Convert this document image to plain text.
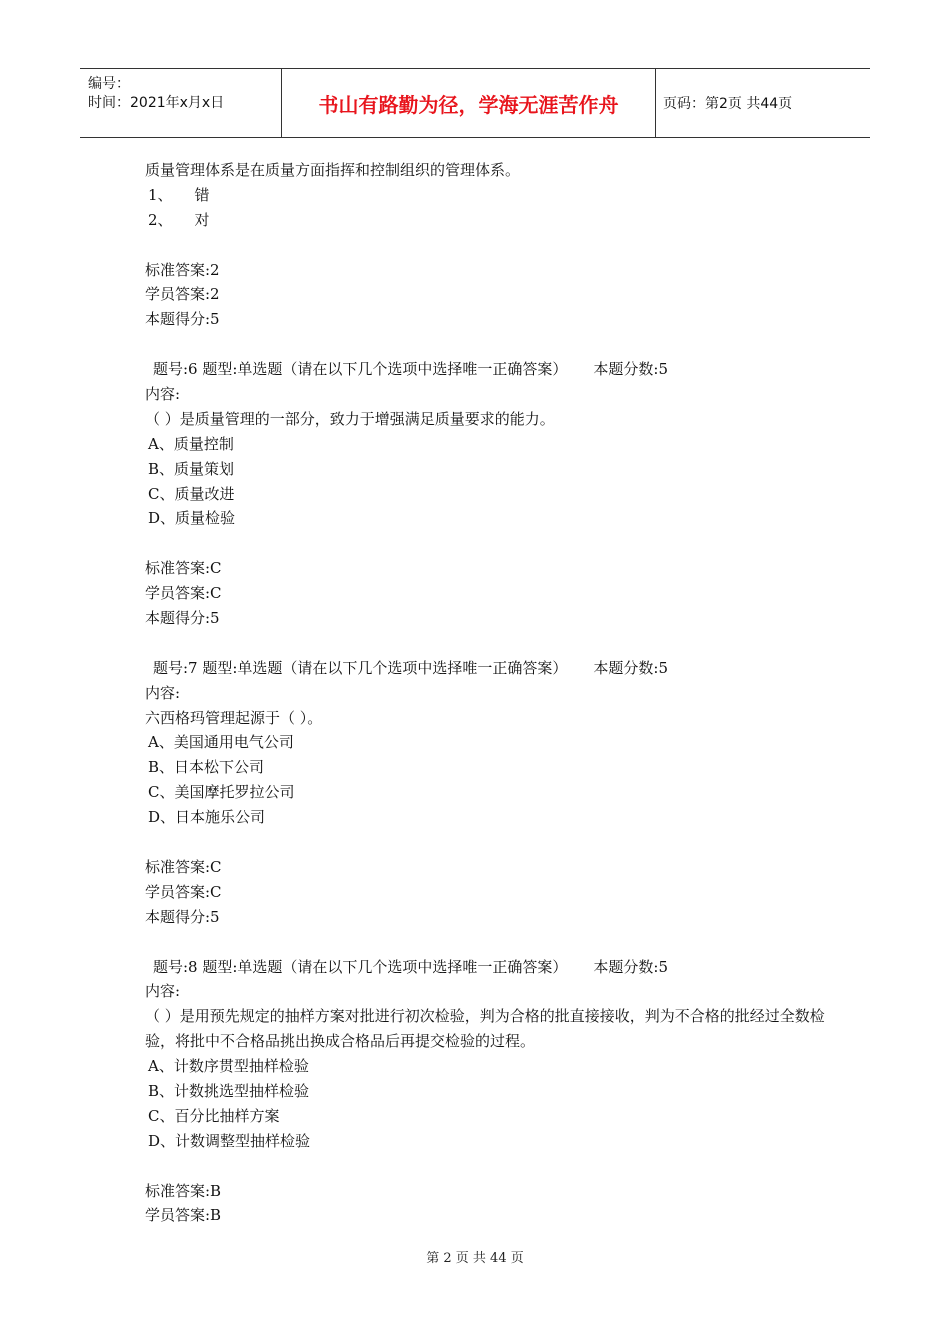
编号：
时间：2021年x月x日	书山有路勤为径，学海无涯苦作舟	页码：第2页 共44页
质量管理体系是在质量方面指挥和控制组织的管理体系。
1、 错
2、 对
标准答案:2
学员答案:2
本题得分:5
题号:6 题型:单选题（请在以下几个选项中选择唯一正确答案） 本题分数:5
内容:
（ ）是质量管理的一部分，致力于增强满足质量要求的能力。
A、质量控制
B、质量策划
C、质量改进
D、质量检验
标准答案:C
学员答案:C
本题得分:5
题号:7 题型:单选题（请在以下几个选项中选择唯一正确答案） 本题分数:5
内容:
六西格玛管理起源于（ ）。
A、美国通用电气公司
B、日本松下公司
C、美国摩托罗拉公司
D、日本施乐公司
标准答案:C
学员答案:C
本题得分:5
题号:8 题型:单选题（请在以下几个选项中选择唯一正确答案） 本题分数:5
内容:
（ ）是用预先规定的抽样方案对批进行初次检验，判为合格的批直接接收，判为不合格的批经过全数检验，将批中不合格品挑出换成合格品后再提交检验的过程。
A、计数序贯型抽样检验
B、计数挑选型抽样检验
C、百分比抽样方案
D、计数调整型抽样检验
标准答案:B
学员答案:B
第 2 页 共 44 页
